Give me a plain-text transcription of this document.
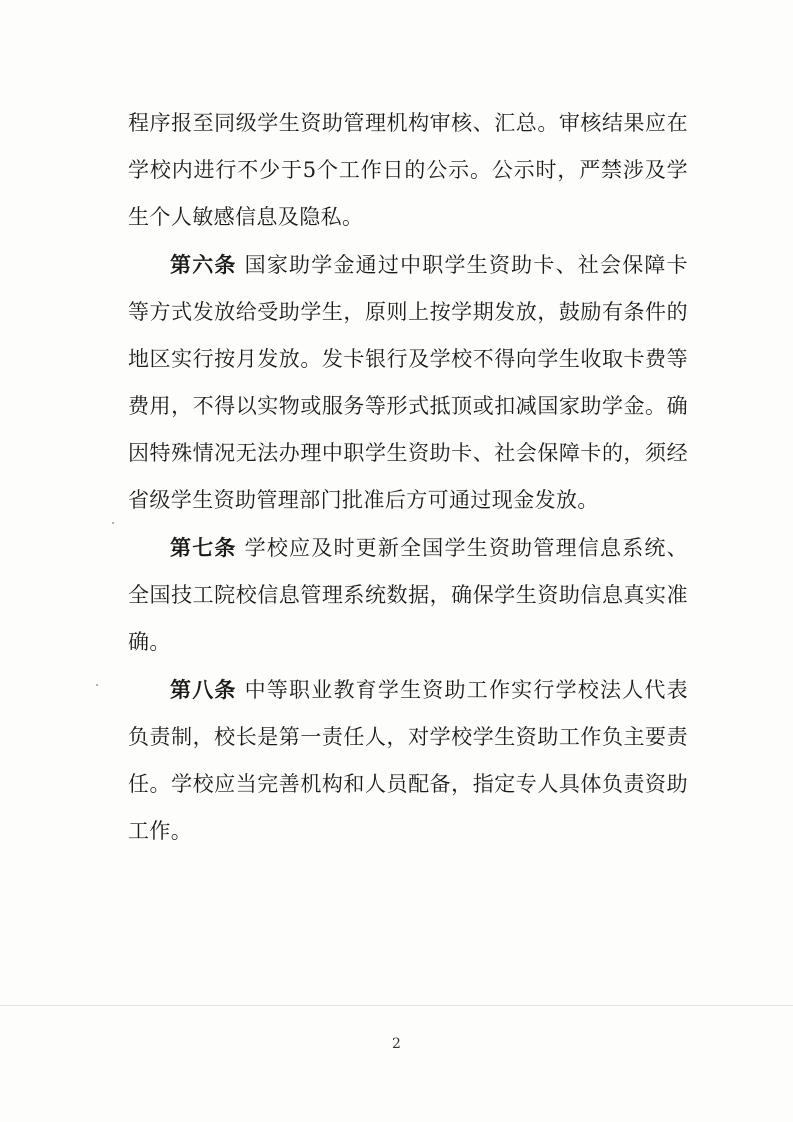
程序报至同级学生资助管理机构审核、汇总。审核结果应在学校内进行不少于5个工作日的公示。公示时，严禁涉及学生个人敏感信息及隐私。

第六条 国家助学金通过中职学生资助卡、社会保障卡等方式发放给受助学生，原则上按学期发放，鼓励有条件的地区实行按月发放。发卡银行及学校不得向学生收取卡费等费用，不得以实物或服务等形式抵顶或扣减国家助学金。确因特殊情况无法办理中职学生资助卡、社会保障卡的，须经省级学生资助管理部门批准后方可通过现金发放。

第七条 学校应及时更新全国学生资助管理信息系统、全国技工院校信息管理系统数据，确保学生资助信息真实准确。

第八条 中等职业教育学生资助工作实行学校法人代表负责制，校长是第一责任人，对学校学生资助工作负主要责任。学校应当完善机构和人员配备，指定专人具体负责资助工作。

2
